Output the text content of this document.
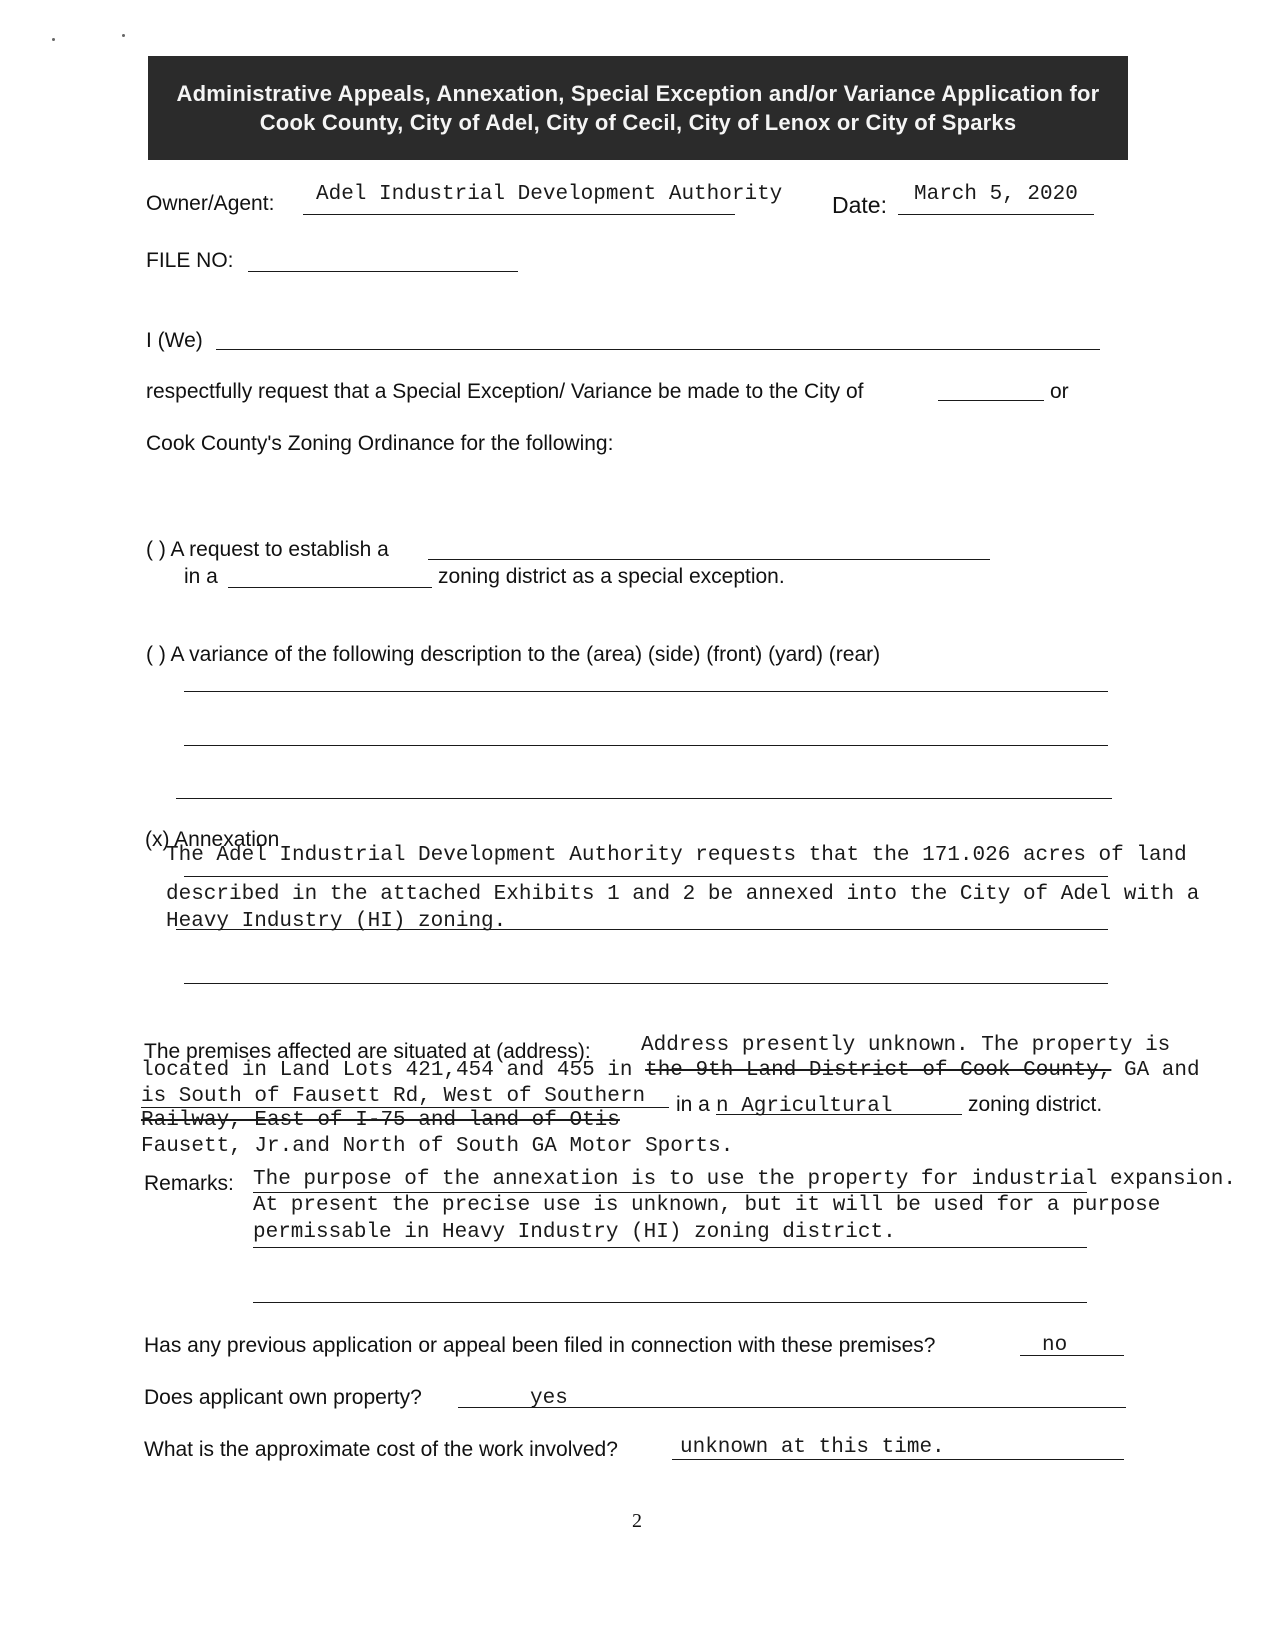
Administrative Appeals, Annexation, Special Exception and/or Variance Application for Cook County, City of Adel, City of Cecil, City of Lenox or City of Sparks
Owner/Agent: Adel Industrial Development Authority Date: March 5, 2020
FILE NO:
I (We)
respectfully request that a Special Exception/ Variance be made to the City of	or
Cook County's Zoning Ordinance for the following:
( ) A request to establish a
in a	zoning district as a special exception.
( ) A variance of the following description to the (area) (side) (front) (yard) (rear)
(x) Annexation
The Adel Industrial Development Authority requests that the 171.026 acres of land
described in the attached Exhibits 1 and 2 be annexed into the City of Adel with a
Heavy Industry (HI) zoning.
The premises affected are situated at (address): Address presently unknown. The property is
located in Land Lots 421,454 and 455 in the 9th Land District of Cook County, GA and
is South of Fausett Rd, West of Southern in a n Agricultural	zoning district.
Railway, East of I-75 and land of Otis
Fausett, Jr.and North of South GA Motor Sports.
Remarks: The purpose of the annexation is to use the property for industrial expansion.
At present the precise use is unknown, but it will be used for a purpose
permissable in Heavy Industry (HI) zoning district.
Has any previous application or appeal been filed in connection with these premises?	no
Does applicant own property?	yes
What is the approximate cost of the work involved?	unknown at this time.
2
